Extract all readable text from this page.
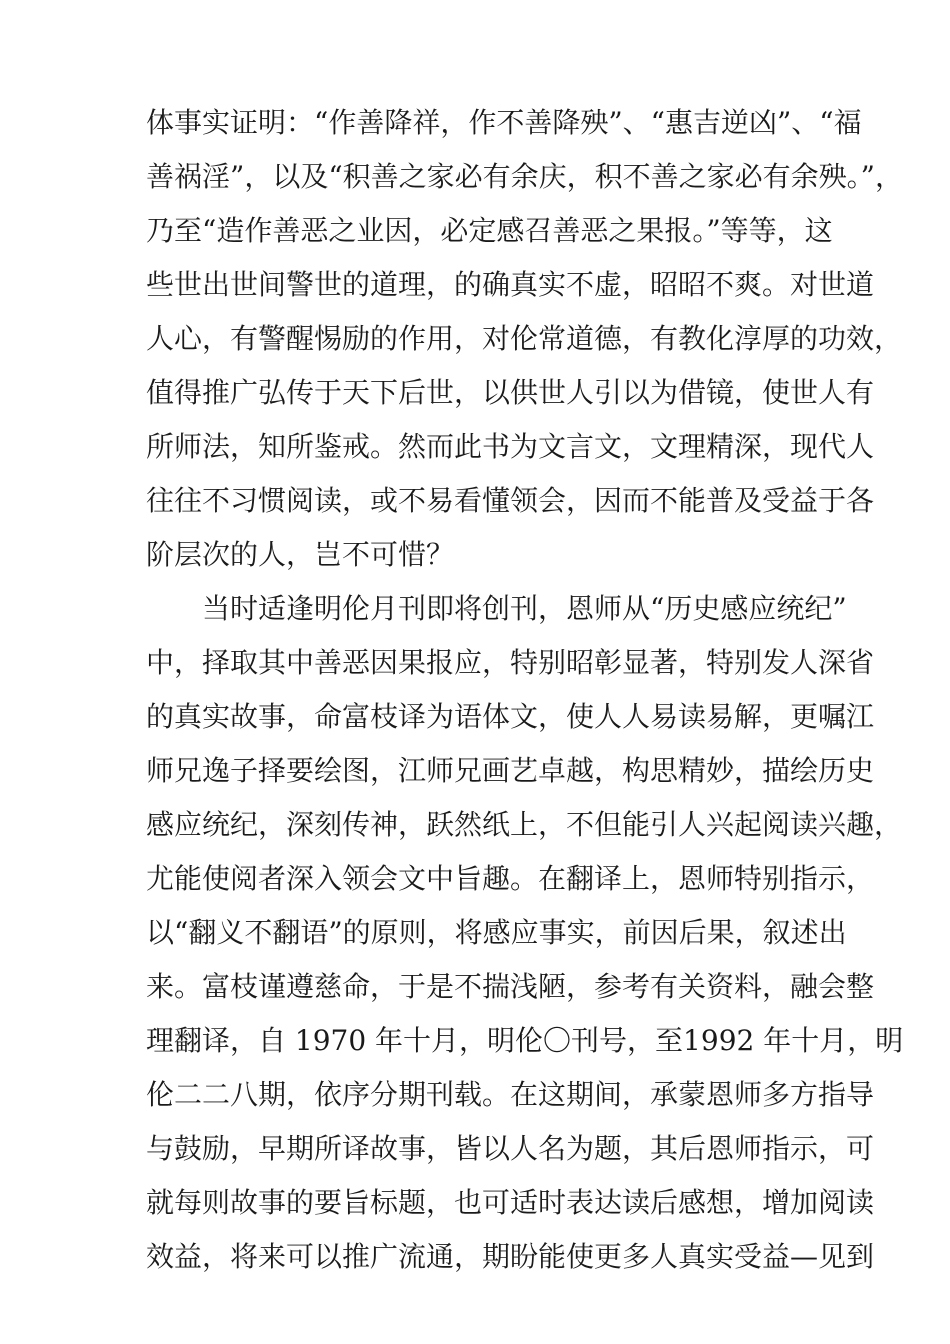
体事实证明：“作善降祥，作不善降殃”、“惠吉逆凶”、“福
善祸淫”，以及“积善之家必有余庆，积不善之家必有余殃。”，
乃至“造作善恶之业因，必定感召善恶之果报。”等等，这
些世出世间警世的道理，的确真实不虚，昭昭不爽。对世道
人心，有警醒惕励的作用，对伦常道德，有教化淳厚的功效，
值得推广弘传于天下后世，以供世人引以为借镜，使世人有
所师法，知所鉴戒。然而此书为文言文，文理精深，现代人
往往不习惯阅读，或不易看懂领会，因而不能普及受益于各
阶层次的人，岂不可惜？
当时适逢明伦月刊即将创刊，恩师从“历史感应统纪”
中，择取其中善恶因果报应，特别昭彰显著，特别发人深省
的真实故事，命富枝译为语体文，使人人易读易解，更嘱江
师兄逸子择要绘图，江师兄画艺卓越，构思精妙，描绘历史
感应统纪，深刻传神，跃然纸上，不但能引人兴起阅读兴趣，
尤能使阅者深入领会文中旨趣。在翻译上，恩师特别指示，
以“翻义不翻语”的原则，将感应事实，前因后果，叙述出
来。富枝谨遵慈命，于是不揣浅陋，参考有关资料，融会整
理翻译，自 1970 年十月，明伦〇刊号，至1992 年十月，明
伦二二八期，依序分期刊载。在这期间，承蒙恩师多方指导
与鼓励，早期所译故事，皆以人名为题，其后恩师指示，可
就每则故事的要旨标题，也可适时表达读后感想，增加阅读
效益，将来可以推广流通，期盼能使更多人真实受益—见到
